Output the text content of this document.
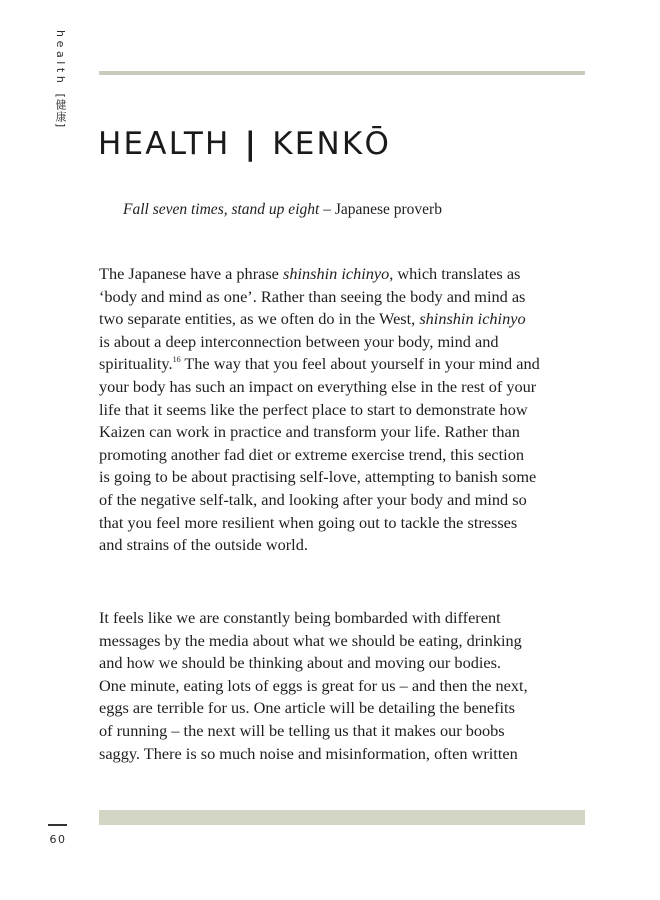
health [健康]
HEALTH | KENKŌ
Fall seven times, stand up eight – Japanese proverb
The Japanese have a phrase shinshin ichinyo, which translates as
‘body and mind as one’. Rather than seeing the body and mind as
two separate entities, as we often do in the West, shinshin ichinyo
is about a deep interconnection between your body, mind and
spirituality.$^{16}$ The way that you feel about yourself in your mind and
your body has such an impact on everything else in the rest of your
life that it seems like the perfect place to start to demonstrate how
Kaizen can work in practice and transform your life. Rather than
promoting another fad diet or extreme exercise trend, this section
is going to be about practising self-love, attempting to banish some
of the negative self-talk, and looking after your body and mind so
that you feel more resilient when going out to tackle the stresses
and strains of the outside world.
It feels like we are constantly being bombarded with different
messages by the media about what we should be eating, drinking
and how we should be thinking about and moving our bodies.
One minute, eating lots of eggs is great for us – and then the next,
eggs are terrible for us. One article will be detailing the benefits
of running – the next will be telling us that it makes our boobs
saggy. There is so much noise and misinformation, often written
60
